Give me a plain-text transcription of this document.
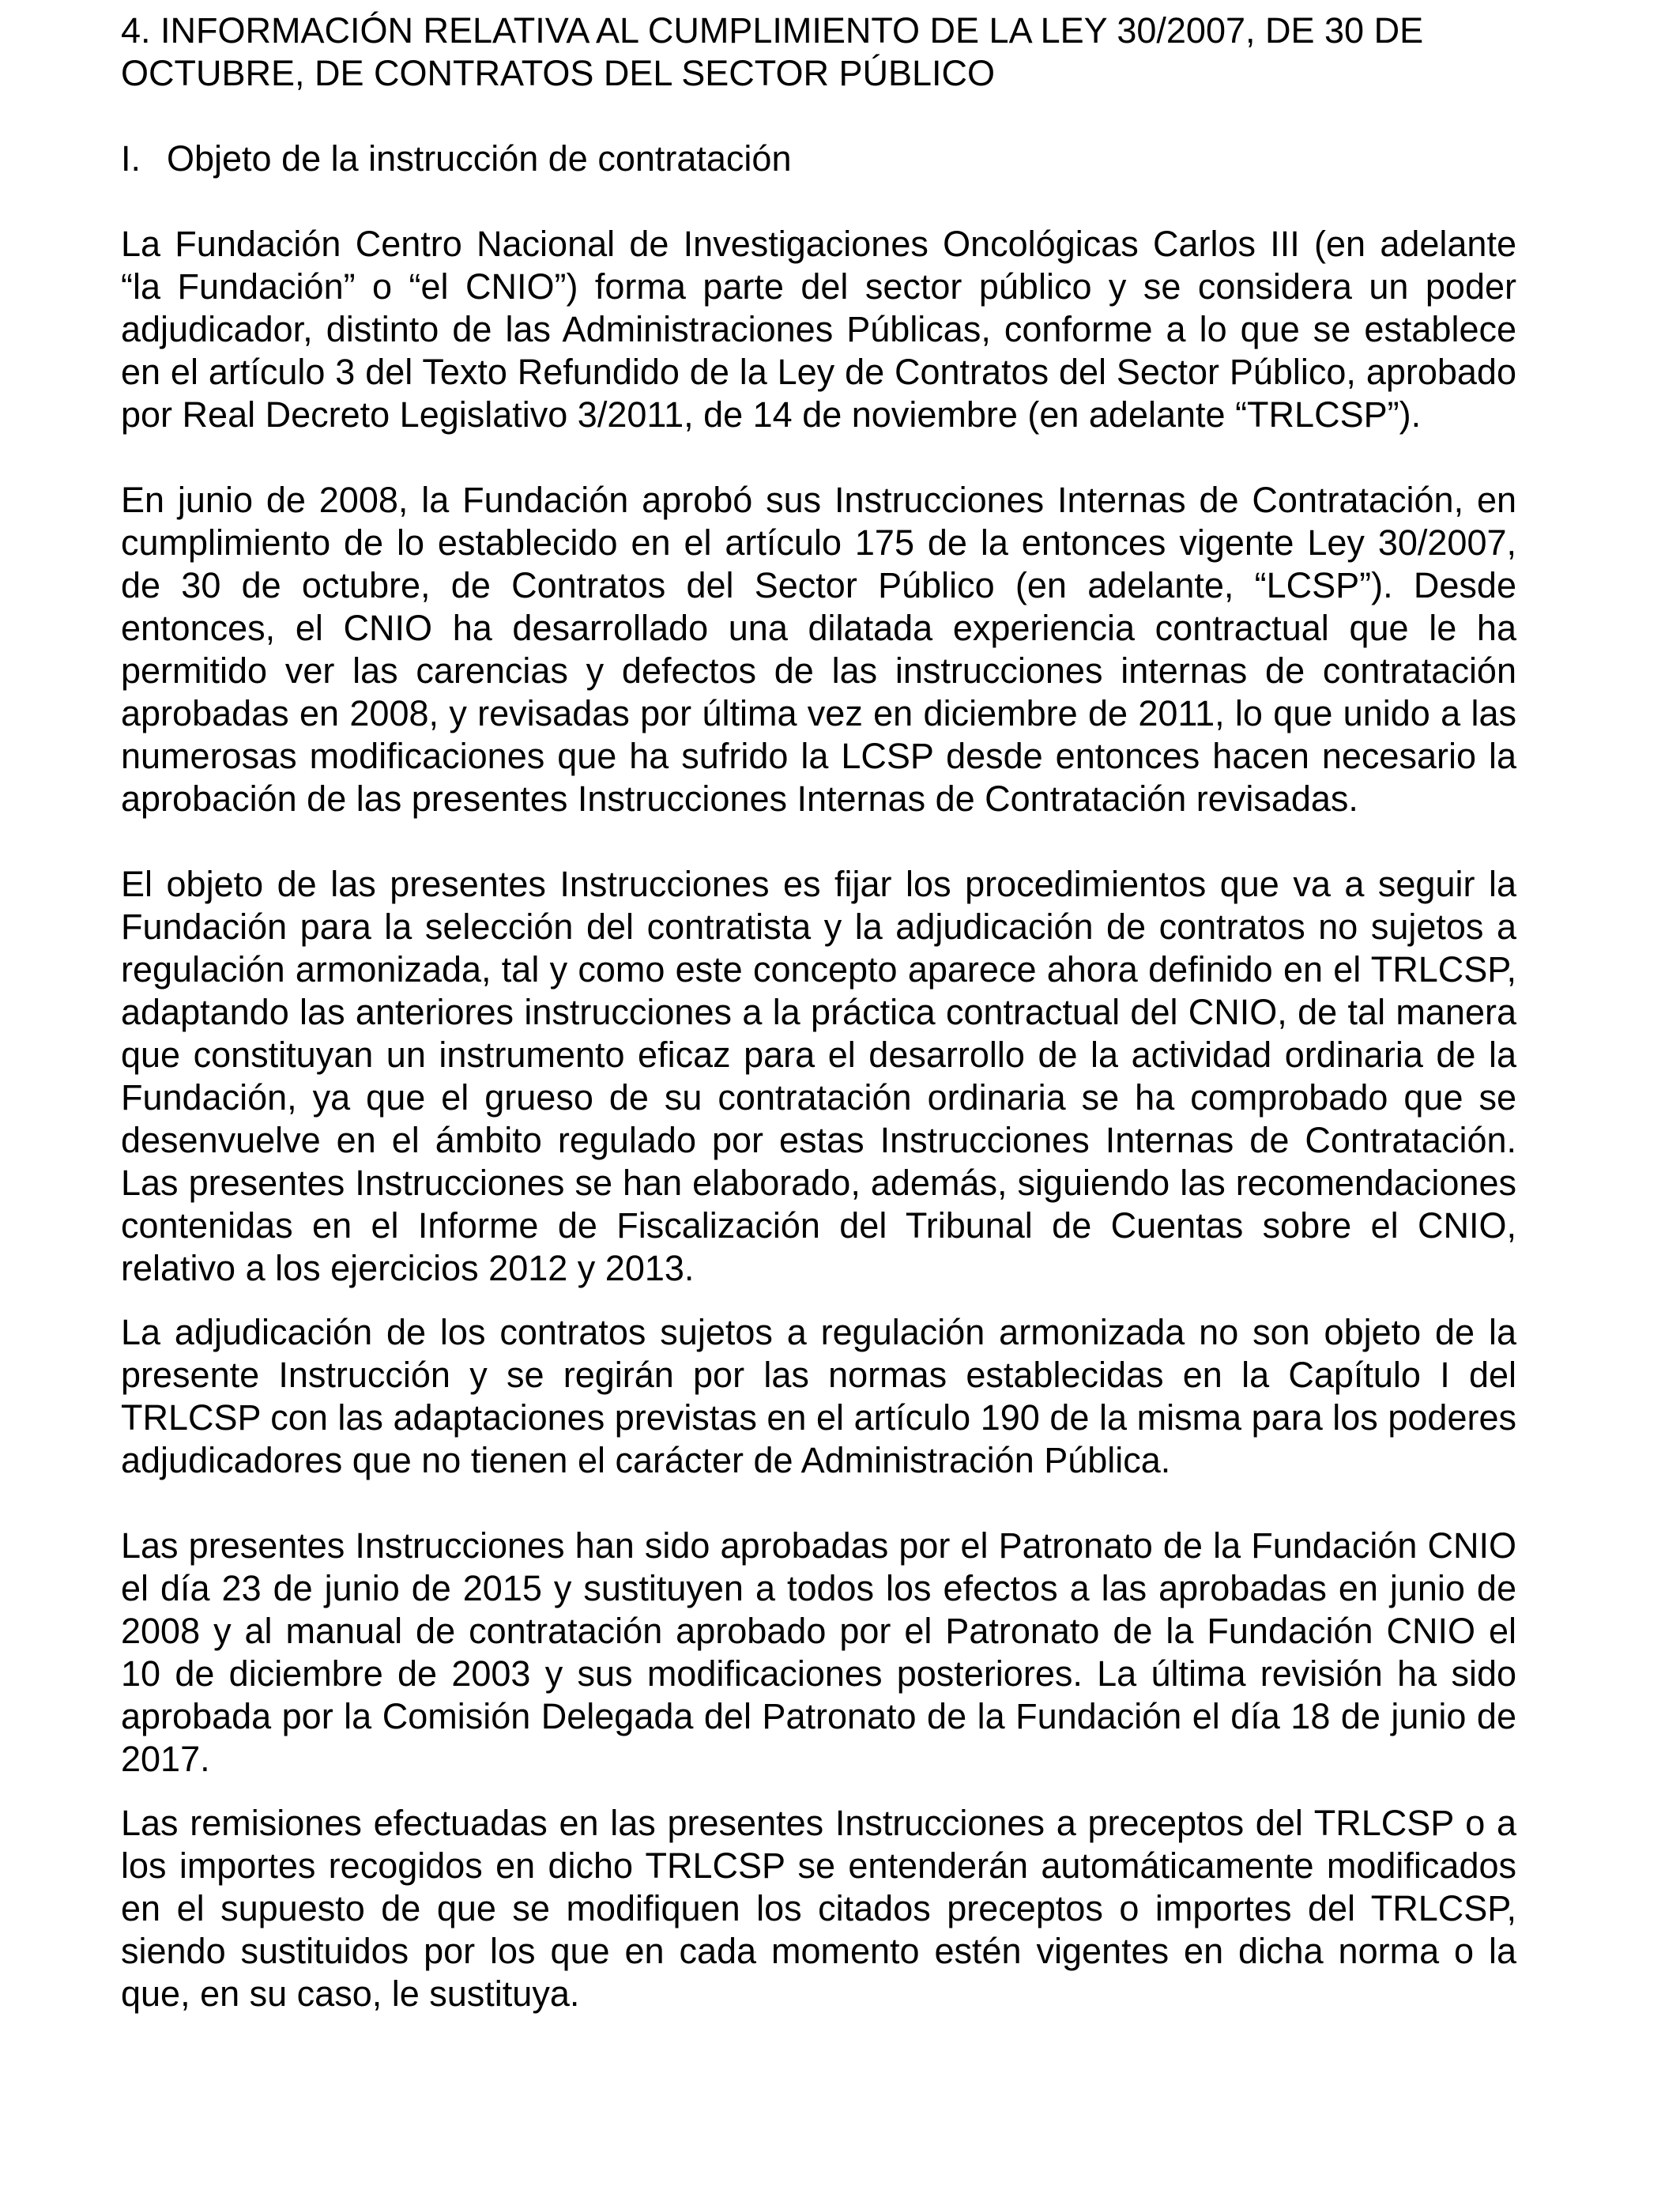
4. INFORMACIÓN RELATIVA AL CUMPLIMIENTO DE LA LEY 30/2007, DE 30 DE OCTUBRE, DE CONTRATOS DEL SECTOR PÚBLICO

I. Objeto de la instrucción de contratación

La Fundación Centro Nacional de Investigaciones Oncológicas Carlos III (en adelante “la Fundación” o “el CNIO”) forma parte del sector público y se considera un poder adjudicador, distinto de las Administraciones Públicas, conforme a lo que se establece en el artículo 3 del Texto Refundido de la Ley de Contratos del Sector Público, aprobado por Real Decreto Legislativo 3/2011, de 14 de noviembre (en adelante “TRLCSP”).

En junio de 2008, la Fundación aprobó sus Instrucciones Internas de Contratación, en cumplimiento de lo establecido en el artículo 175 de la entonces vigente Ley 30/2007, de 30 de octubre, de Contratos del Sector Público (en adelante, “LCSP”). Desde entonces, el CNIO ha desarrollado una dilatada experiencia contractual que le ha permitido ver las carencias y defectos de las instrucciones internas de contratación aprobadas en 2008, y revisadas por última vez en diciembre de 2011, lo que unido a las numerosas modificaciones que ha sufrido la LCSP desde entonces hacen necesario la aprobación de las presentes Instrucciones Internas de Contratación revisadas.

El objeto de las presentes Instrucciones es fijar los procedimientos que va a seguir la Fundación para la selección del contratista y la adjudicación de contratos no sujetos a regulación armonizada, tal y como este concepto aparece ahora definido en el TRLCSP, adaptando las anteriores instrucciones a la práctica contractual del CNIO, de tal manera que constituyan un instrumento eficaz para el desarrollo de la actividad ordinaria de la Fundación, ya que el grueso de su contratación ordinaria se ha comprobado que se desenvuelve en el ámbito regulado por estas Instrucciones Internas de Contratación. Las presentes Instrucciones se han elaborado, además, siguiendo las recomendaciones contenidas en el Informe de Fiscalización del Tribunal de Cuentas sobre el CNIO, relativo a los ejercicios 2012 y 2013.

La adjudicación de los contratos sujetos a regulación armonizada no son objeto de la presente Instrucción y se regirán por las normas establecidas en la Capítulo I del TRLCSP con las adaptaciones previstas en el artículo 190 de la misma para los poderes adjudicadores que no tienen el carácter de Administración Pública.

Las presentes Instrucciones han sido aprobadas por el Patronato de la Fundación CNIO el día 23 de junio de 2015 y sustituyen a todos los efectos a las aprobadas en junio de 2008 y al manual de contratación aprobado por el Patronato de la Fundación CNIO el 10 de diciembre de 2003 y sus modificaciones posteriores. La última revisión ha sido aprobada por la Comisión Delegada del Patronato de la Fundación el día 18 de junio de 2017.

Las remisiones efectuadas en las presentes Instrucciones a preceptos del TRLCSP o a los importes recogidos en dicho TRLCSP se entenderán automáticamente modificados en el supuesto de que se modifiquen los citados preceptos o importes del TRLCSP, siendo sustituidos por los que en cada momento estén vigentes en dicha norma o la que, en su caso, le sustituya.
